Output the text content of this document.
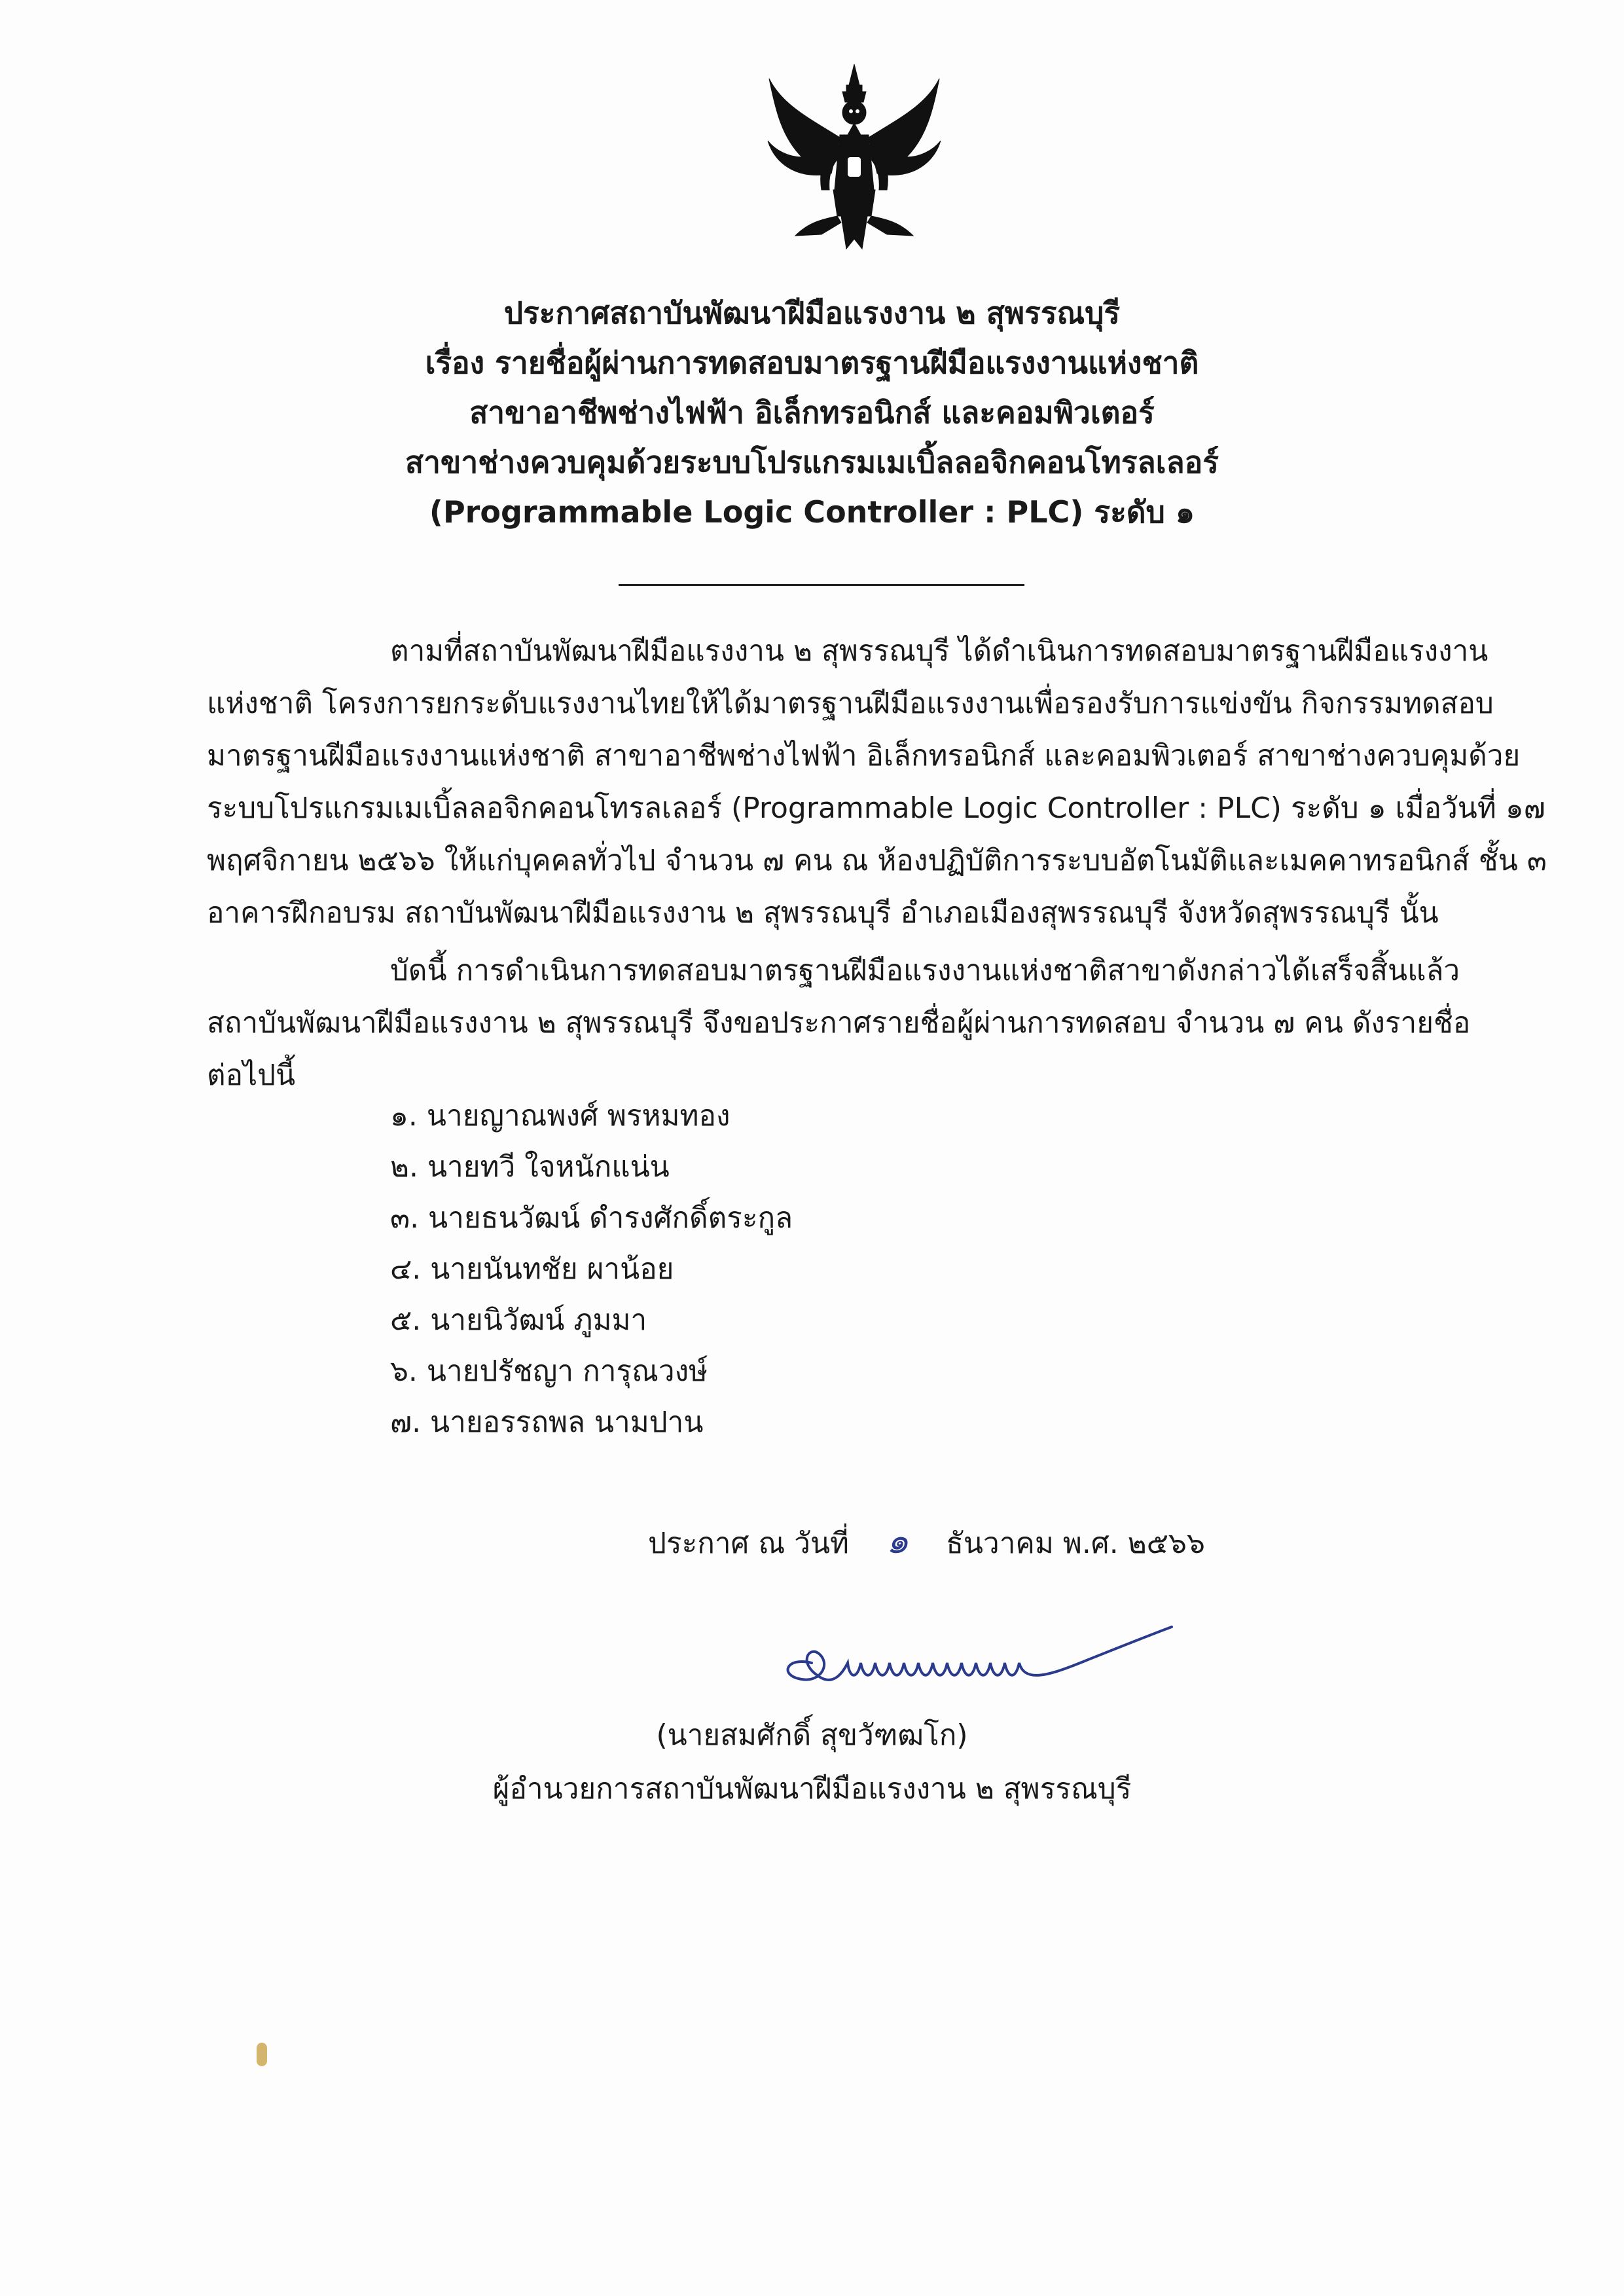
ประกาศสถาบันพัฒนาฝีมือแรงงาน ๒ สุพรรณบุรี
เรื่อง รายชื่อผู้ผ่านการทดสอบมาตรฐานฝีมือแรงงานแห่งชาติ
สาขาอาชีพช่างไฟฟ้า อิเล็กทรอนิกส์ และคอมพิวเตอร์
สาขาช่างควบคุมด้วยระบบโปรแกรมเมเบิ้ลลอจิกคอนโทรลเลอร์
(Programmable Logic Controller : PLC) ระดับ ๑
ตามที่สถาบันพัฒนาฝีมือแรงงาน ๒ สุพรรณบุรี ได้ดำเนินการทดสอบมาตรฐานฝีมือแรงงาน
แห่งชาติ โครงการยกระดับแรงงานไทยให้ได้มาตรฐานฝีมือแรงงานเพื่อรองรับการแข่งขัน กิจกรรมทดสอบ
มาตรฐานฝีมือแรงงานแห่งชาติ สาขาอาชีพช่างไฟฟ้า อิเล็กทรอนิกส์ และคอมพิวเตอร์ สาขาช่างควบคุมด้วย
ระบบโปรแกรมเมเบิ้ลลอจิกคอนโทรลเลอร์ (Programmable Logic Controller : PLC) ระดับ ๑ เมื่อวันที่ ๑๗
พฤศจิกายน ๒๕๖๖ ให้แก่บุคคลทั่วไป จำนวน ๗ คน ณ ห้องปฏิบัติการระบบอัตโนมัติและเมคคาทรอนิกส์ ชั้น ๓
อาคารฝึกอบรม สถาบันพัฒนาฝีมือแรงงาน ๒ สุพรรณบุรี อำเภอเมืองสุพรรณบุรี จังหวัดสุพรรณบุรี นั้น
บัดนี้ การดำเนินการทดสอบมาตรฐานฝีมือแรงงานแห่งชาติสาขาดังกล่าวได้เสร็จสิ้นแล้ว
สถาบันพัฒนาฝีมือแรงงาน ๒ สุพรรณบุรี จึงขอประกาศรายชื่อผู้ผ่านการทดสอบ จำนวน ๗ คน ดังรายชื่อ
ต่อไปนี้
๑. นายญาณพงศ์ พรหมทอง
๒. นายทวี ใจหนักแน่น
๓. นายธนวัฒน์ ดำรงศักดิ์ตระกูล
๔. นายนันทชัย ผาน้อย
๕. นายนิวัฒน์ ภูมมา
๖. นายปรัชญา การุณวงษ์
๗. นายอรรถพล นามปาน
ประกาศ ณ วันที่ ๑ ธันวาคม พ.ศ. ๒๕๖๖
(นายสมศักดิ์ สุขวัฑฒโก)
ผู้อำนวยการสถาบันพัฒนาฝีมือแรงงาน ๒ สุพรรณบุรี
